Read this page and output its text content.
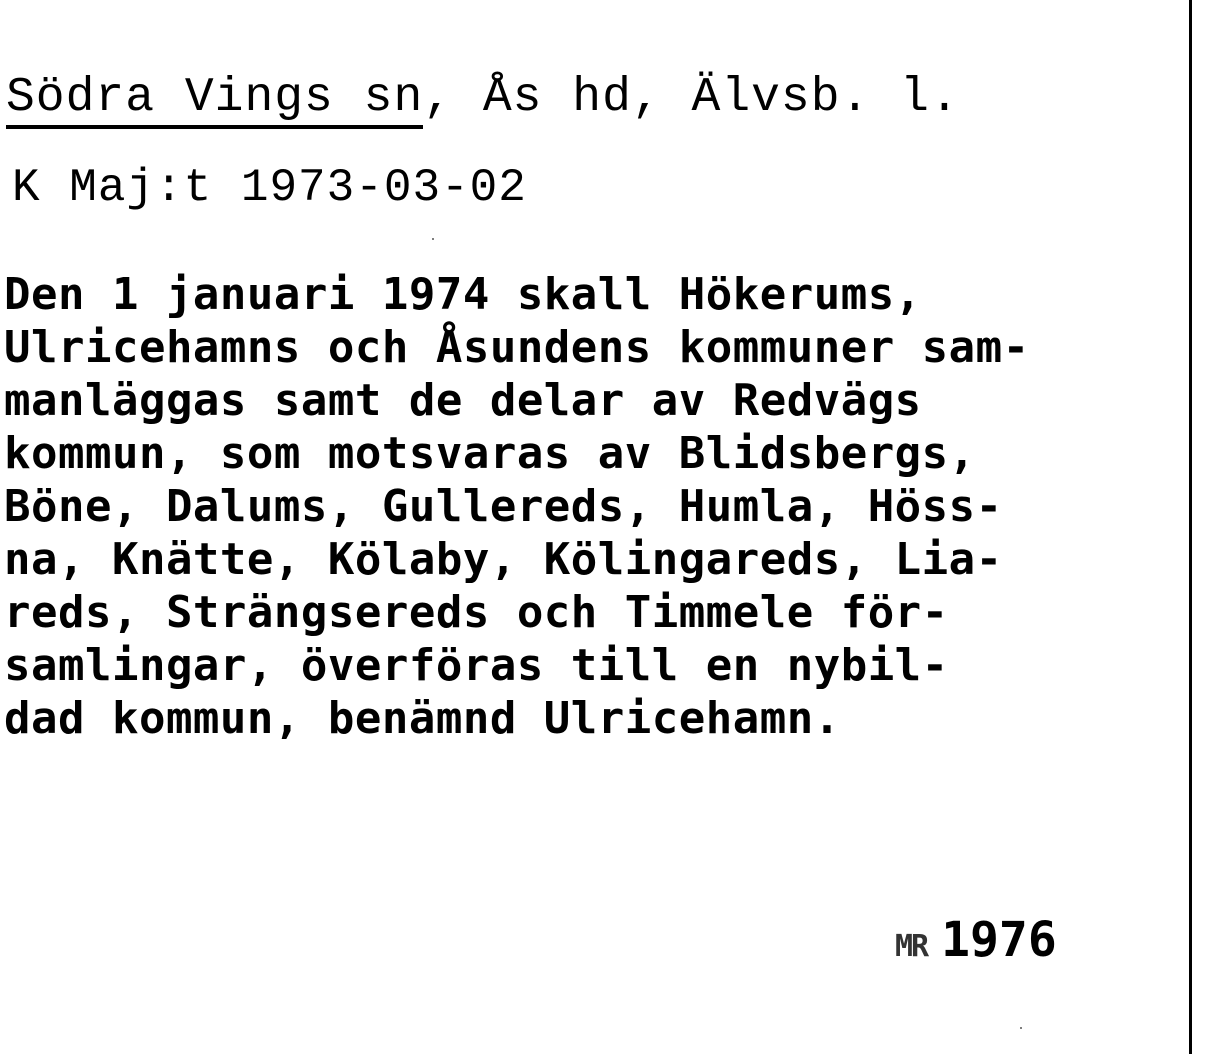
Södra Vings sn, Ås hd, Älvsb. l.
K Maj:t 1973-03-02
Den 1 januari 1974 skall Hökerums,
Ulricehamns och Åsundens kommuner sam-
manläggas samt de delar av Redvägs
kommun, som motsvaras av Blidsbergs,
Böne, Dalums, Gullereds, Humla, Höss-
na, Knätte, Kölaby, Kölingareds, Lia-
reds, Strängsereds och Timmele för-
samlingar, överföras till en nybil-
dad kommun, benämnd Ulricehamn.
MR 1976
